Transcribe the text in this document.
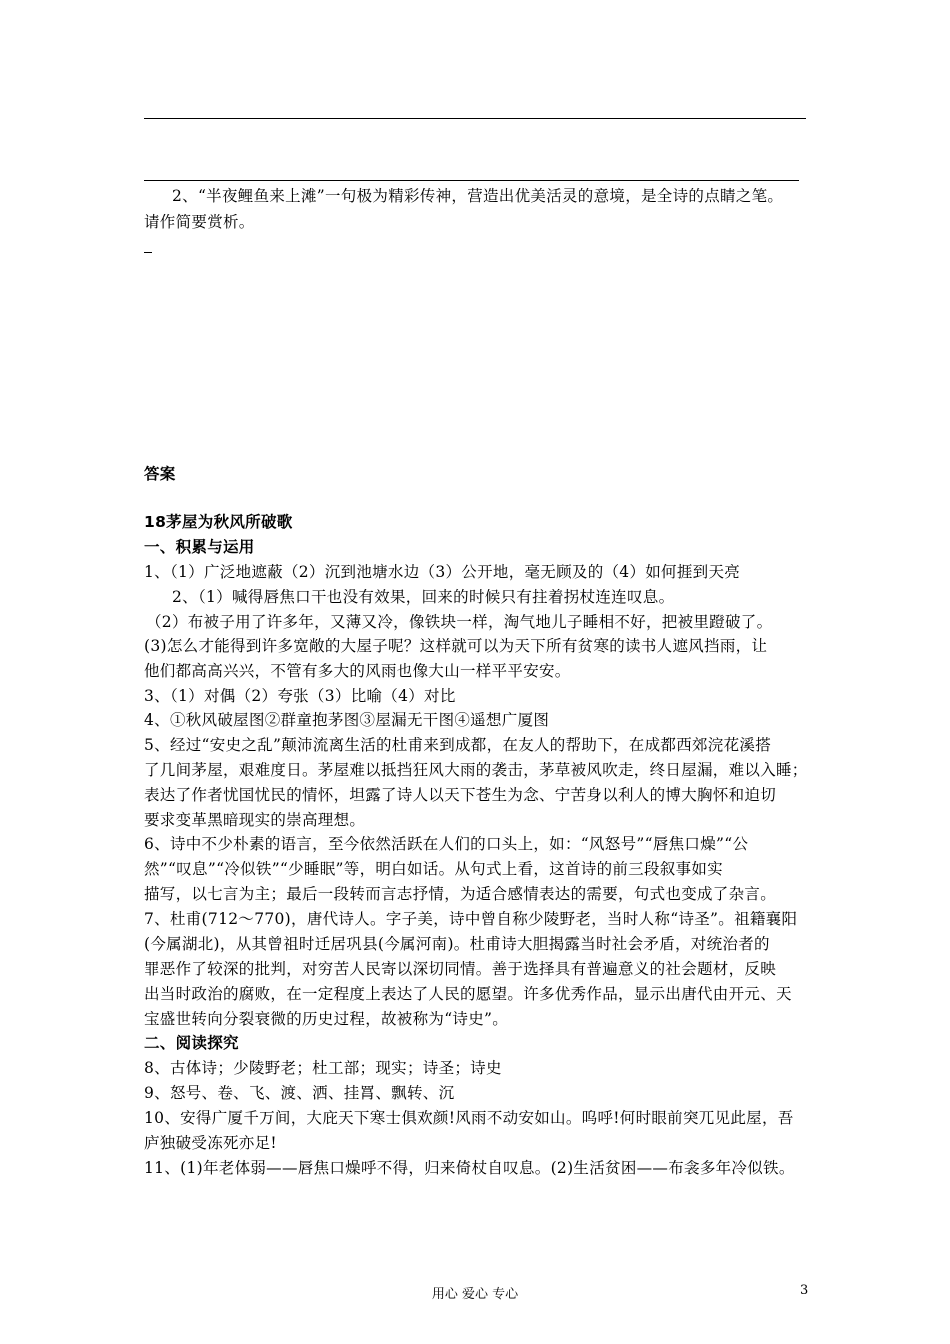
2、“半夜鲤鱼来上滩”一句极为精彩传神，营造出优美活灵的意境，是全诗的点睛之笔。
请作简要赏析。
答案
18茅屋为秋风所破歌
一、积累与运用
1、（1）广泛地遮蔽（2）沉到池塘水边（3）公开地，毫无顾及的（4）如何捱到天亮
2、（1）喊得唇焦口干也没有效果，回来的时候只有拄着拐杖连连叹息。
（2）布被子用了许多年，又薄又冷，像铁块一样，淘气地儿子睡相不好，把被里蹬破了。
(3)怎么才能得到许多宽敞的大屋子呢？这样就可以为天下所有贫寒的读书人遮风挡雨，让
他们都高高兴兴，不管有多大的风雨也像大山一样平平安安。
3、（1）对偶（2）夸张（3）比喻（4）对比
4、①秋风破屋图②群童抱茅图③屋漏无干图④遥想广厦图
5、经过“安史之乱”颠沛流离生活的杜甫来到成都，在友人的帮助下，在成都西郊浣花溪搭
了几间茅屋，艰难度日。茅屋难以抵挡狂风大雨的袭击，茅草被风吹走，终日屋漏，难以入睡；
表达了作者忧国忧民的情怀，坦露了诗人以天下苍生为念、宁苦身以利人的博大胸怀和迫切
要求变革黑暗现实的崇高理想。
6、诗中不少朴素的语言，至今依然活跃在人们的口头上，如：“风怒号”“唇焦口燥”“公
然”“叹息”“冷似铁”“少睡眠”等，明白如话。从句式上看，这首诗的前三段叙事如实
描写，以七言为主；最后一段转而言志抒情，为适合感情表达的需要，句式也变成了杂言。
7、杜甫(712～770)，唐代诗人。字子美，诗中曾自称少陵野老，当时人称“诗圣”。祖籍襄阳
(今属湖北)，从其曾祖时迁居巩县(今属河南)。杜甫诗大胆揭露当时社会矛盾，对统治者的
罪恶作了较深的批判，对穷苦人民寄以深切同情。善于选择具有普遍意义的社会题材，反映
出当时政治的腐败，在一定程度上表达了人民的愿望。许多优秀作品，显示出唐代由开元、天
宝盛世转向分裂衰微的历史过程，故被称为“诗史”。
二、阅读探究
8、古体诗；少陵野老；杜工部；现实；诗圣；诗史
9、怒号、卷、飞、渡、洒、挂罥、飘转、沉
10、安得广厦千万间，大庇天下寒士俱欢颜!风雨不动安如山。呜呼!何时眼前突兀见此屋，吾
庐独破受冻死亦足!
11、(1)年老体弱——唇焦口燥呼不得，归来倚杖自叹息。(2)生活贫困——布衾多年冷似铁。
用心 爱心 专心	3
